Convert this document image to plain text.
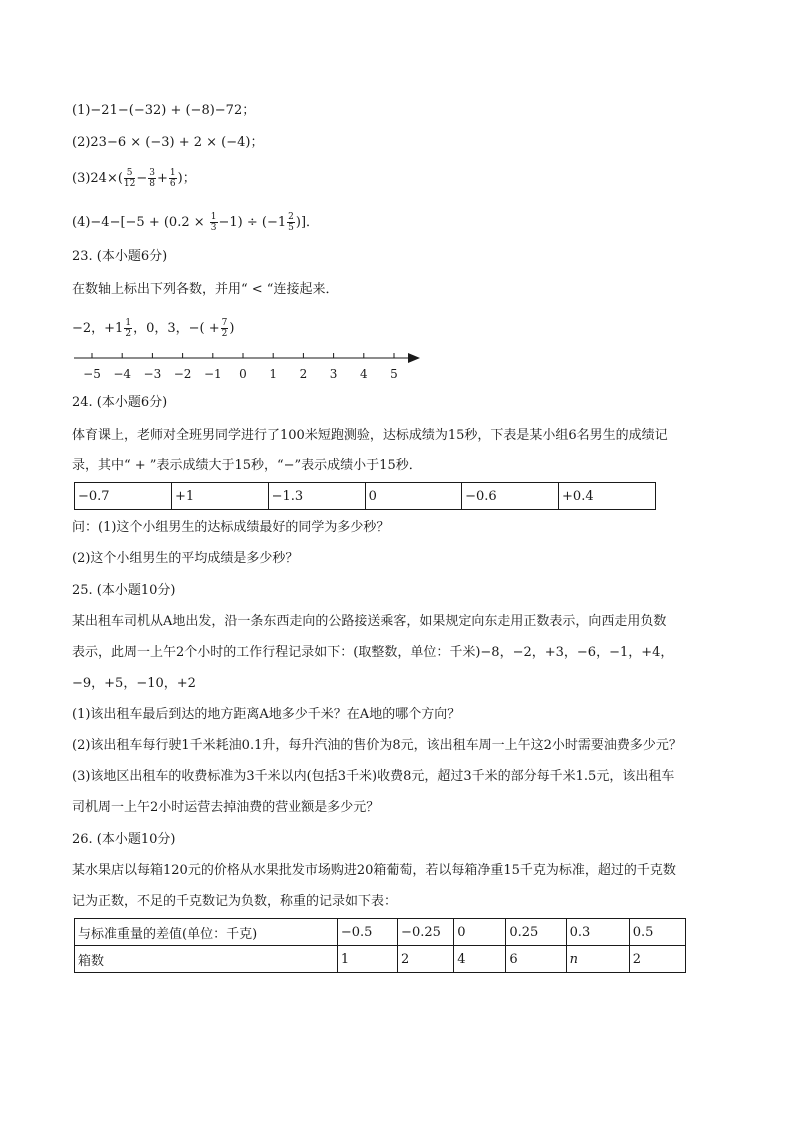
(1)−21−(−32) + (−8)−72；
(2)23−6 × (−3) + 2 × (−4)；
$(3)24\times( \frac{5}{12} - \frac{3}{8} + \frac{1}{6}$ )；
$(4)-4-[-5 + (0.2 \times \frac{1}{3} -1) \div (-1 \frac{2}{5}$ )]．
23. (本小题6分)
在数轴上标出下列各数，并用“ < “连接起来．
−2，$+1 \frac{1}{2}$ ，0，3，−( + $\frac{7}{2}$ )
−5 −4 −3 −2 −1 0 1 2 3 4 5
24. (本小题6分)
体育课上，老师对全班男同学进行了100米短跑测验，达标成绩为15秒，下表是某小组6名男生的成绩记
录，其中“ + ”表示成绩大于15秒，“−”表示成绩小于15秒．
−0.7	+1	−1.3	0	−0.6	+0.4
问：(1)这个小组男生的达标成绩最好的同学为多少秒？
(2)这个小组男生的平均成绩是多少秒？
25. (本小题10分)
某出租车司机从A地出发，沿一条东西走向的公路接送乘客，如果规定向东走用正数表示，向西走用负数
表示，此周一上午2个小时的工作行程记录如下：(取整数，单位：千米)−8，−2，+3，−6，−1，+4，
−9，+5，−10，+2
(1)该出租车最后到达的地方距离A地多少千米？在A地的哪个方向？
(2)该出租车每行驶1千米耗油0.1升，每升汽油的售价为8元，该出租车周一上午这2小时需要油费多少元？
(3)该地区出租车的收费标准为3千米以内(包括3千米)收费8元，超过3千米的部分每千米1.5元，该出租车
司机周一上午2小时运营去掉油费的营业额是多少元？
26. (本小题10分)
某水果店以每箱120元的价格从水果批发市场购进20箱葡萄，若以每箱净重15千克为标准，超过的千克数
记为正数，不足的千克数记为负数，称重的记录如下表：
与标准重量的差值(单位：千克)	−0.5	−0.25	0	0.25	0.3	0.5
箱数	1	2	4	6	n	2
